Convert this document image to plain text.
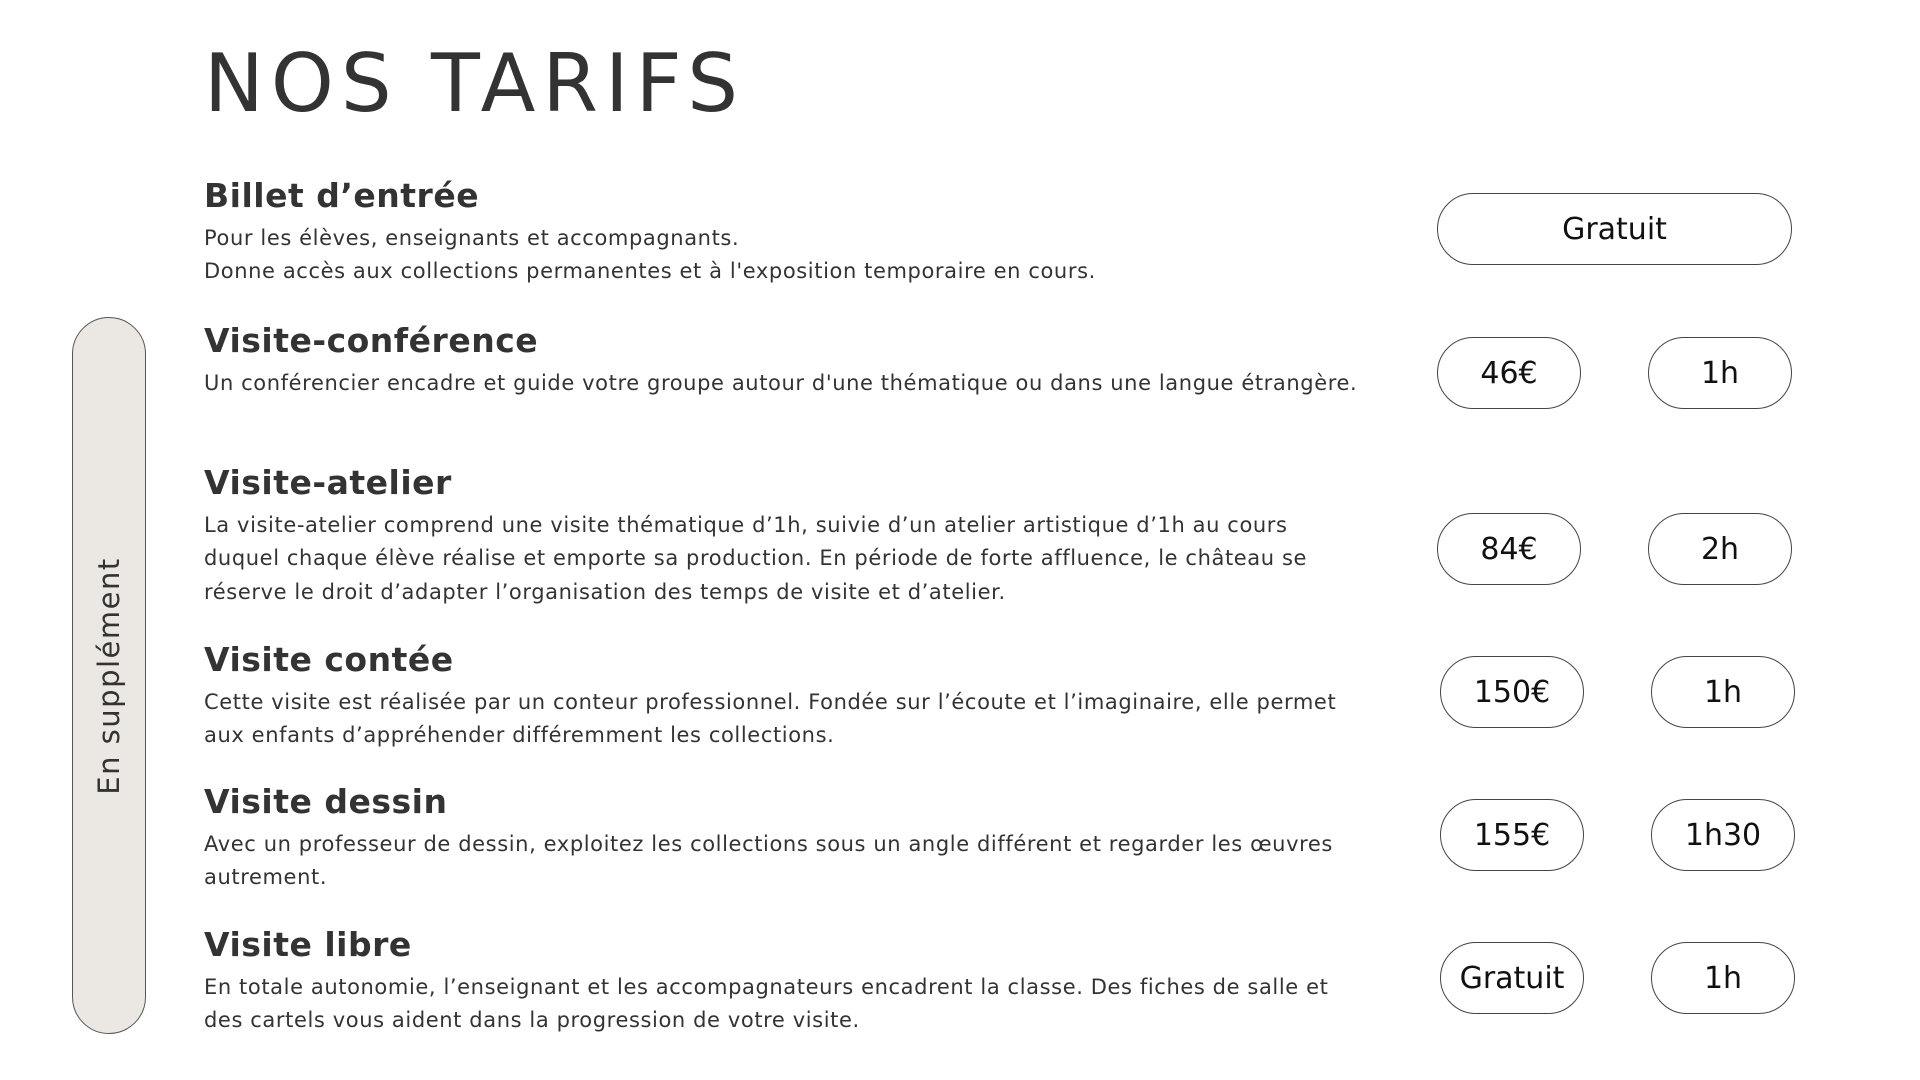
NOS TARIFS
En supplément
Billet d’entrée

Pour les élèves, enseignants et accompagnants.
Donne accès aux collections permanentes et à l'exposition temporaire en cours.

Gratuit
Visite-conférence

Un conférencier encadre et guide votre groupe autour d'une thématique ou dans une langue étrangère.	46€	1h
Visite-atelier

La visite-atelier comprend une visite thématique d’1h, suivie d’un atelier artistique d’1h au cours duquel chaque élève réalise et emporte sa production. En période de forte affluence, le château se réserve le droit d’adapter l’organisation des temps de visite et d’atelier.

84€	2h
Visite contée

Cette visite est réalisée par un conteur professionnel. Fondée sur l’écoute et l’imaginaire, elle permet aux enfants d’appréhender différemment les collections.

150€	1h
Visite dessin

Avec un professeur de dessin, exploitez les collections sous un angle différent et regarder les œuvres autrement.

155€	1h30
Visite libre

En totale autonomie, l’enseignant et les accompagnateurs encadrent la classe. Des fiches de salle et des cartels vous aident dans la progression de votre visite.

Gratuit	1h
